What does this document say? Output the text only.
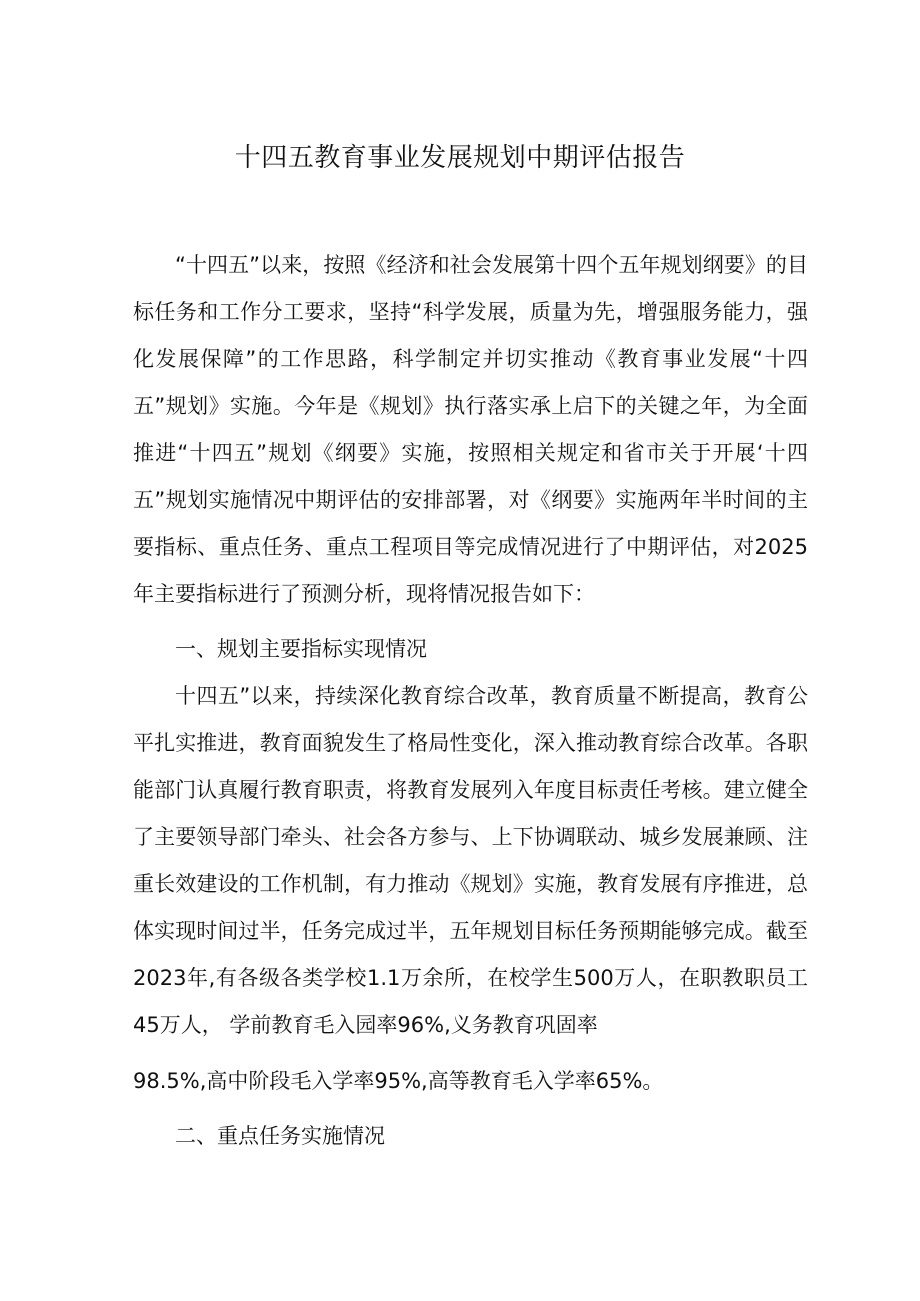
十四五教育事业发展规划中期评估报告

“十四五”以来，按照《经济和社会发展第十四个五年规划纲要》的目标任务和工作分工要求，坚持“科学发展，质量为先，增强服务能力，强化发展保障”的工作思路，科学制定并切实推动《教育事业发展“十四五”规划》实施。今年是《规划》执行落实承上启下的关键之年，为全面推进“十四五”规划《纲要》实施，按照相关规定和省市关于开展‘十四五”规划实施情况中期评估的安排部署，对《纲要》实施两年半时间的主要指标、重点任务、重点工程项目等完成情况进行了中期评估，对2025年主要指标进行了预测分析，现将情况报告如下：

一、规划主要指标实现情况

十四五”以来，持续深化教育综合改革，教育质量不断提高，教育公平扎实推进，教育面貌发生了格局性变化，深入推动教育综合改革。各职能部门认真履行教育职责，将教育发展列入年度目标责任考核。建立健全了主要领导部门牵头、社会各方参与、上下协调联动、城乡发展兼顾、注重长效建设的工作机制，有力推动《规划》实施，教育发展有序推进，总体实现时间过半，任务完成过半，五年规划目标任务预期能够完成。截至2023年,有各级各类学校1.1万余所，在校学生500万人，在职教职员工45万人， 学前教育毛入园率96%,义务教育巩固率

98.5%,高中阶段毛入学率95%,高等教育毛入学率65%。

二、重点任务实施情况
